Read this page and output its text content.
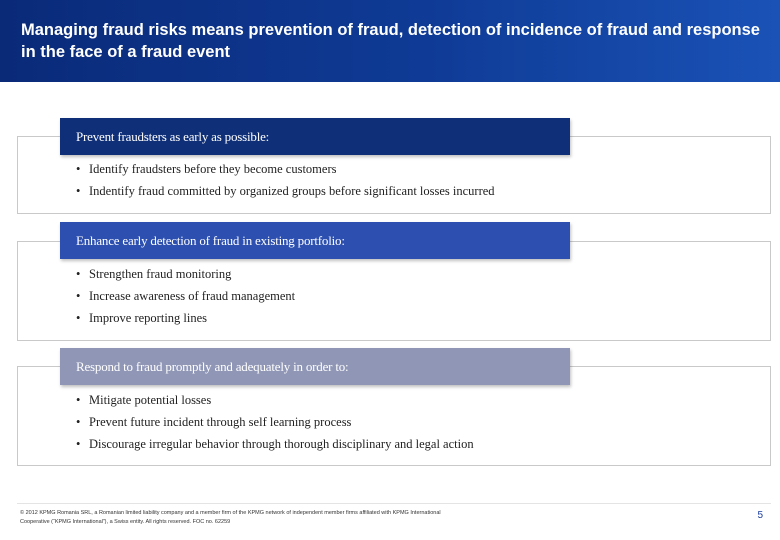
Managing fraud risks means prevention of fraud, detection of incidence of fraud and response in the face of a fraud event
Prevent fraudsters as early as possible:
• Identify fraudsters before they become customers
• Indentify fraud committed by organized groups before significant losses incurred
Enhance early detection of fraud in existing portfolio:
• Strengthen fraud monitoring
• Increase awareness of fraud management
• Improve reporting lines
Respond to fraud promptly and adequately in order to:
• Mitigate potential losses
• Prevent future incident through self learning process
• Discourage irregular behavior through thorough disciplinary and legal action
© 2012 KPMG Romania SRL, a Romanian limited liability company and a member firm of the KPMG network of independent member firms affiliated with KPMG International
Cooperative (“KPMG International”), a Swiss entity. All rights reserved. FOC no. 62259
5
